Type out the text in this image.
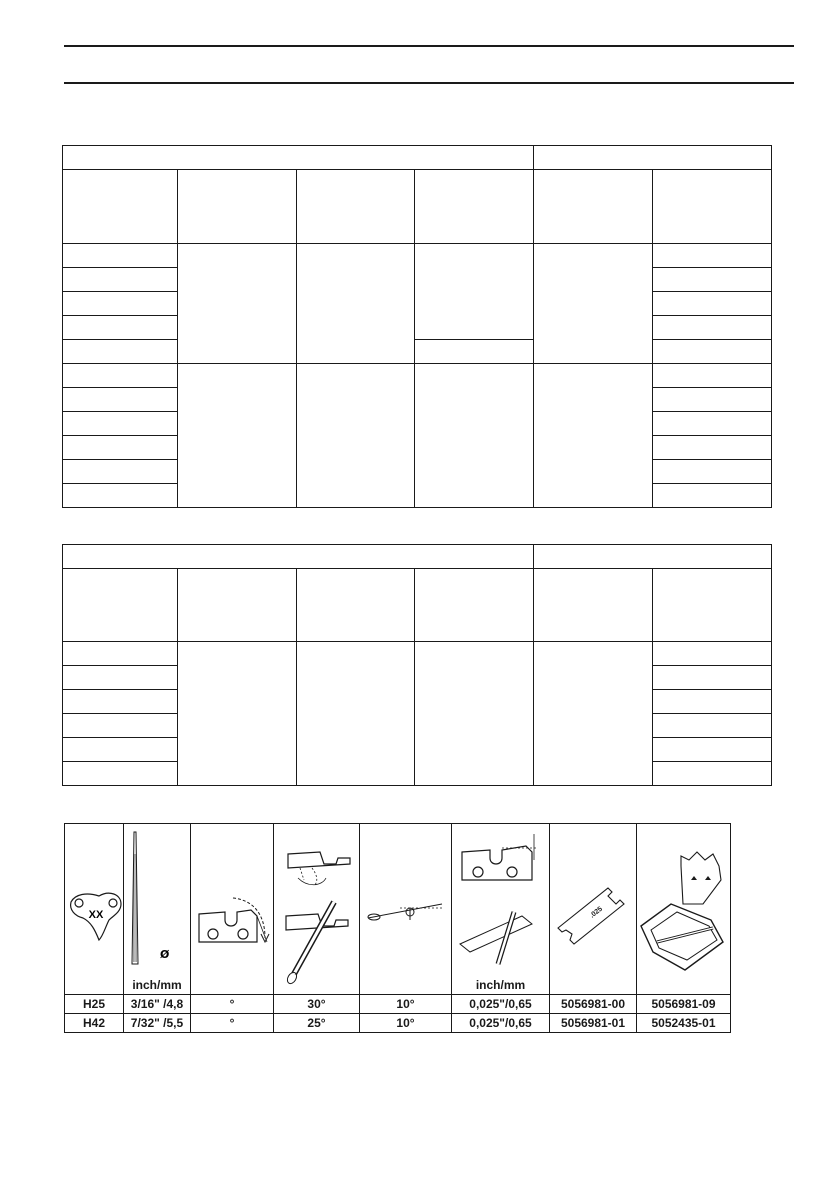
XX	Ø
inch/mm				inch/mm	.025

H25	3/16" /4,8	°	30°	10°	0,025"/0,65	5056981-00	5056981-09
H42	7/32" /5,5	°	25°	10°	0,025"/0,65	5056981-01	5052435-01
